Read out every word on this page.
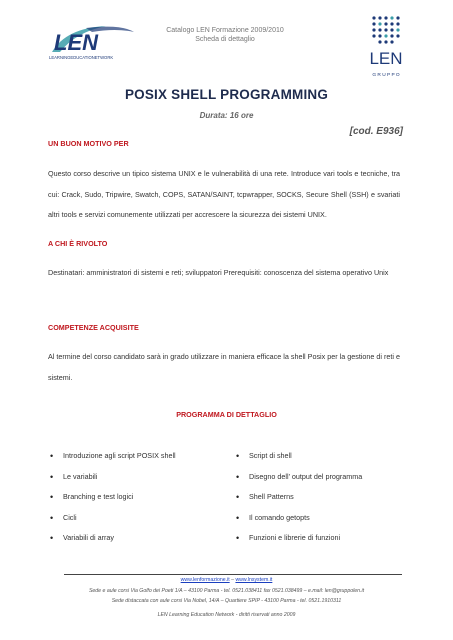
LEN
LEARNINGEDUCATIONETWORK
Catalogo LEN Formazione 2009/2010
Scheda di dettaglio
LEN
G R U P P O
POSIX SHELL PROGRAMMING
Durata: 16 ore
[cod. E936]
UN BUON MOTIVO PER
Questo corso descrive un tipico sistema UNIX e le vulnerabilità di una rete. Introduce vari tools e tecniche, tra cui: Crack, Sudo, Tripwire, Swatch, COPS, SATAN/SAINT, tcpwrapper, SOCKS, Secure Shell (SSH) e svariati altri tools e servizi comunemente utilizzati per accrescere la sicurezza dei sistemi UNIX.
A CHI È RIVOLTO
Destinatari: amministratori di sistemi e reti; sviluppatori Prerequisiti: conoscenza del sistema operativo Unix
COMPETENZE ACQUISITE
Al termine del corso candidato sarà in grado utilizzare in maniera efficace la shell Posix per la gestione di reti e sistemi.
PROGRAMMA DI DETTAGLIO
• Introduzione agli script POSIX shell
• Le variabili
• Branching e test logici
• Cicli
• Variabili di array
• Script di shell
• Disegno dell’ output del programma
• Shell Patterns
• Il comando getopts
• Funzioni e librerie di funzioni
www.lenformazione.it – www.lnsystem.it
Sede e aule corsi Via Golfo dei Poeti 1/A – 43100 Parma - tel. 0521.038411 fax 0521.038499 – e.mail: len@gruppolen.it
Sede distaccata con aule corsi Via Nobel, 14/A – Quartiere SPIP - 43100 Parma - tel. 0521.1910311
LEN Learning Education Network - diritti riservati anno 2009
